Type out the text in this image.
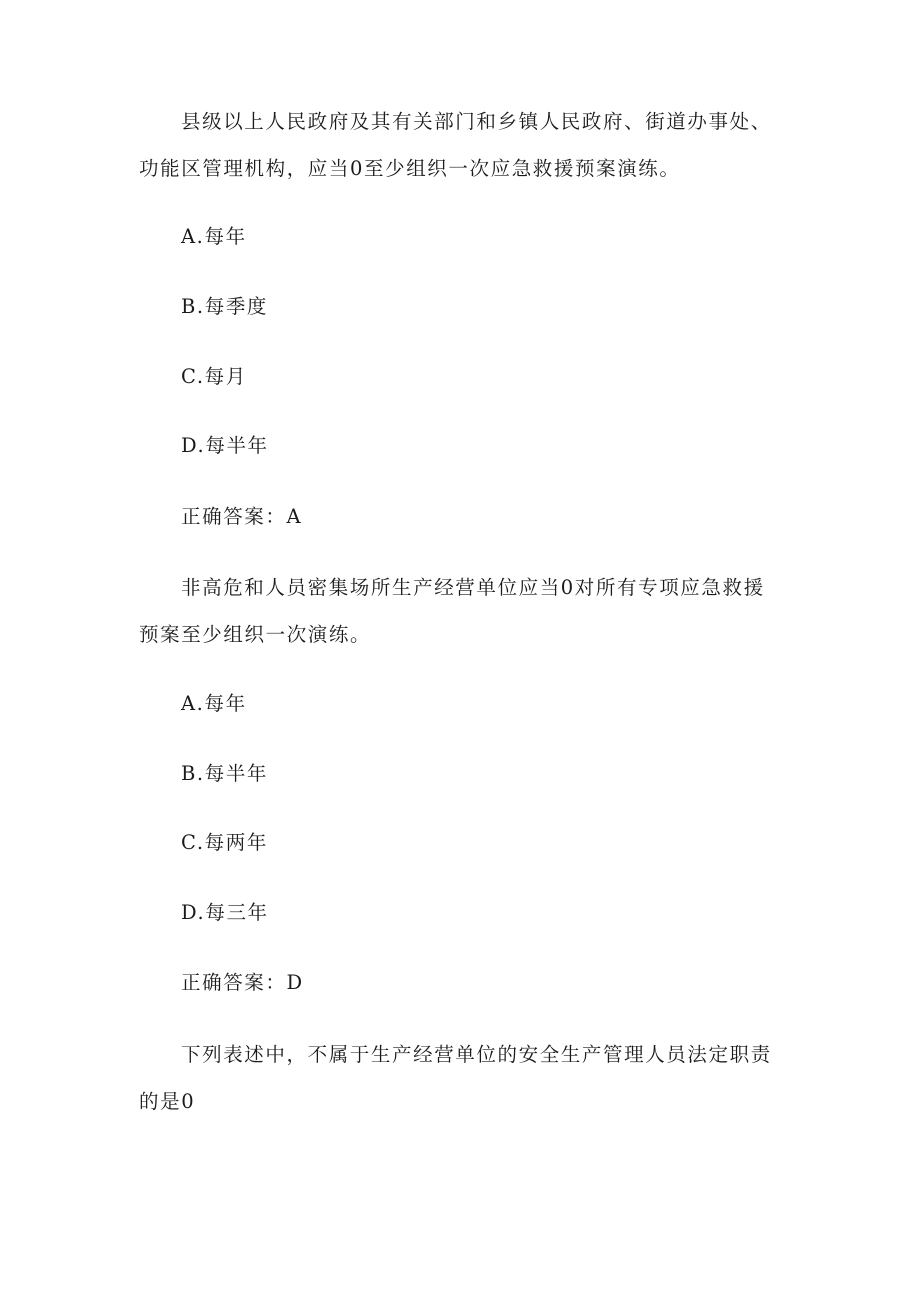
县级以上人民政府及其有关部门和乡镇人民政府、街道办事处、
功能区管理机构，应当0至少组织一次应急救援预案演练。
A.每年
B.每季度
C.每月
D.每半年
正确答案：A
非高危和人员密集场所生产经营单位应当0对所有专项应急救援
预案至少组织一次演练。
A.每年
B.每半年
C.每两年
D.每三年
正确答案：D
下列表述中，不属于生产经营单位的安全生产管理人员法定职责
的是0
